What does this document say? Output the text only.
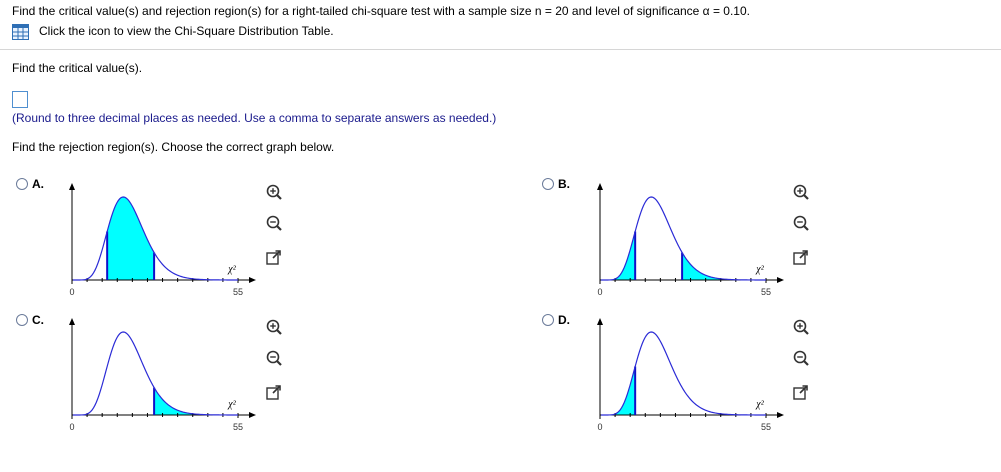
Find the critical value(s) and rejection region(s) for a right-tailed chi-square test with a sample size n = 20 and level of significance α = 0.10.
Click the icon to view the Chi-Square Distribution Table.
Find the critical value(s).
(Round to three decimal places as needed. Use a comma to separate answers as needed.)
Find the rejection region(s). Choose the correct graph below.
A.
0	55
χ²
B.
0	55
χ²
C.
0	55
χ²
D.
0	55
χ²
